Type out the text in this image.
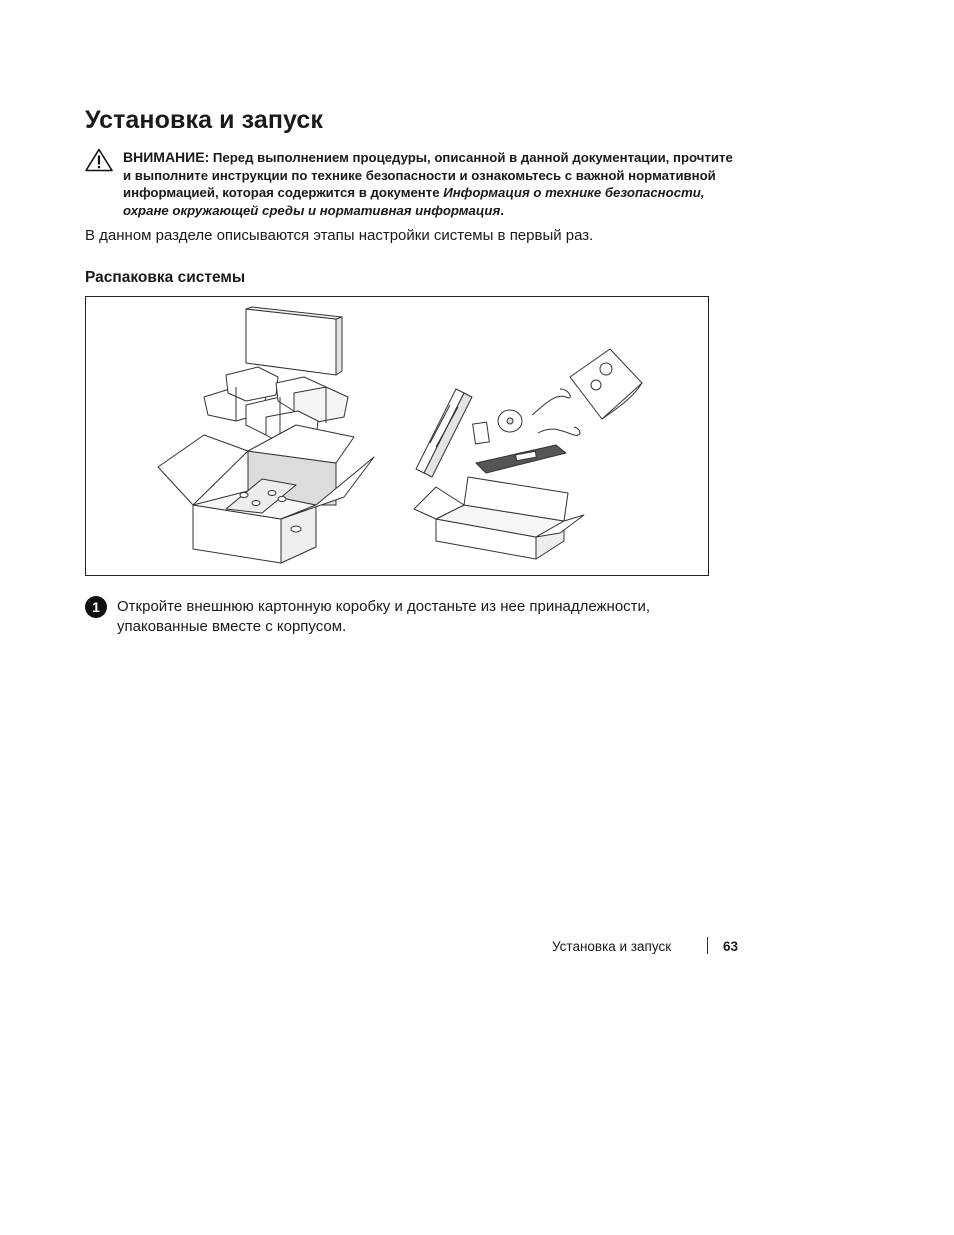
Установка и запуск
ВНИМАНИЕ: Перед выполнением процедуры, описанной в данной документации, прочтите и выполните инструкции по технике безопасности и ознакомьтесь с важной нормативной информацией, которая содержится в документе Информация о технике безопасности, охране окружающей среды и нормативная информация.
В данном разделе описываются этапы настройки системы в первый раз.
Распаковка системы
1	Откройте внешнюю картонную коробку и достаньте из нее принадлежности, упакованные вместе с корпусом.
Установка и запуск	63
